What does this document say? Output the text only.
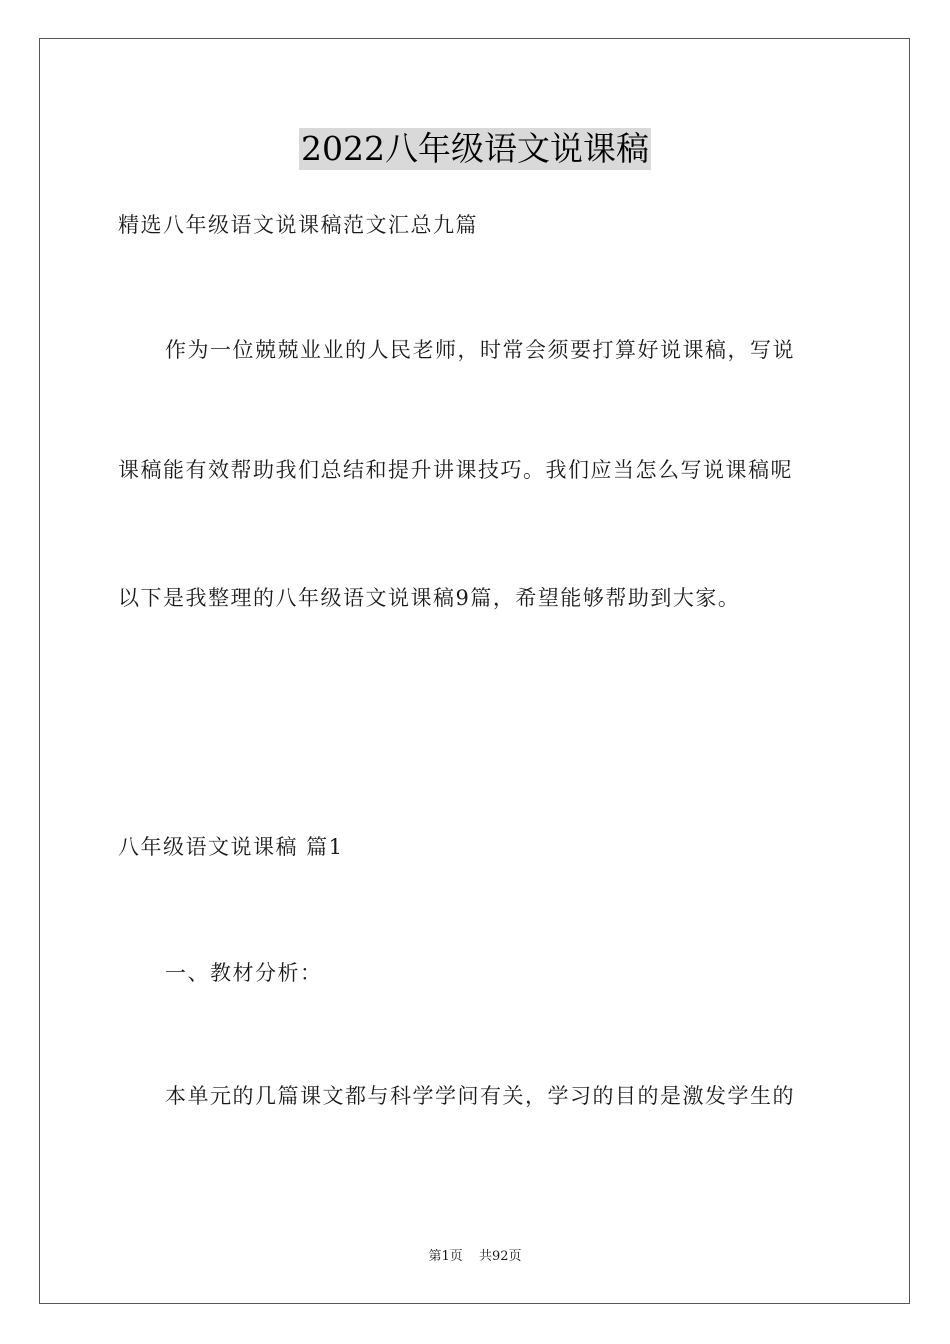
2022八年级语文说课稿
精选八年级语文说课稿范文汇总九篇
作为一位兢兢业业的人民老师，时常会须要打算好说课稿，写说
课稿能有效帮助我们总结和提升讲课技巧。我们应当怎么写说课稿呢
以下是我整理的八年级语文说课稿9篇，希望能够帮助到大家。
八年级语文说课稿 篇1
一、教材分析：
本单元的几篇课文都与科学学问有关，学习的目的是激发学生的
第1页 共92页
